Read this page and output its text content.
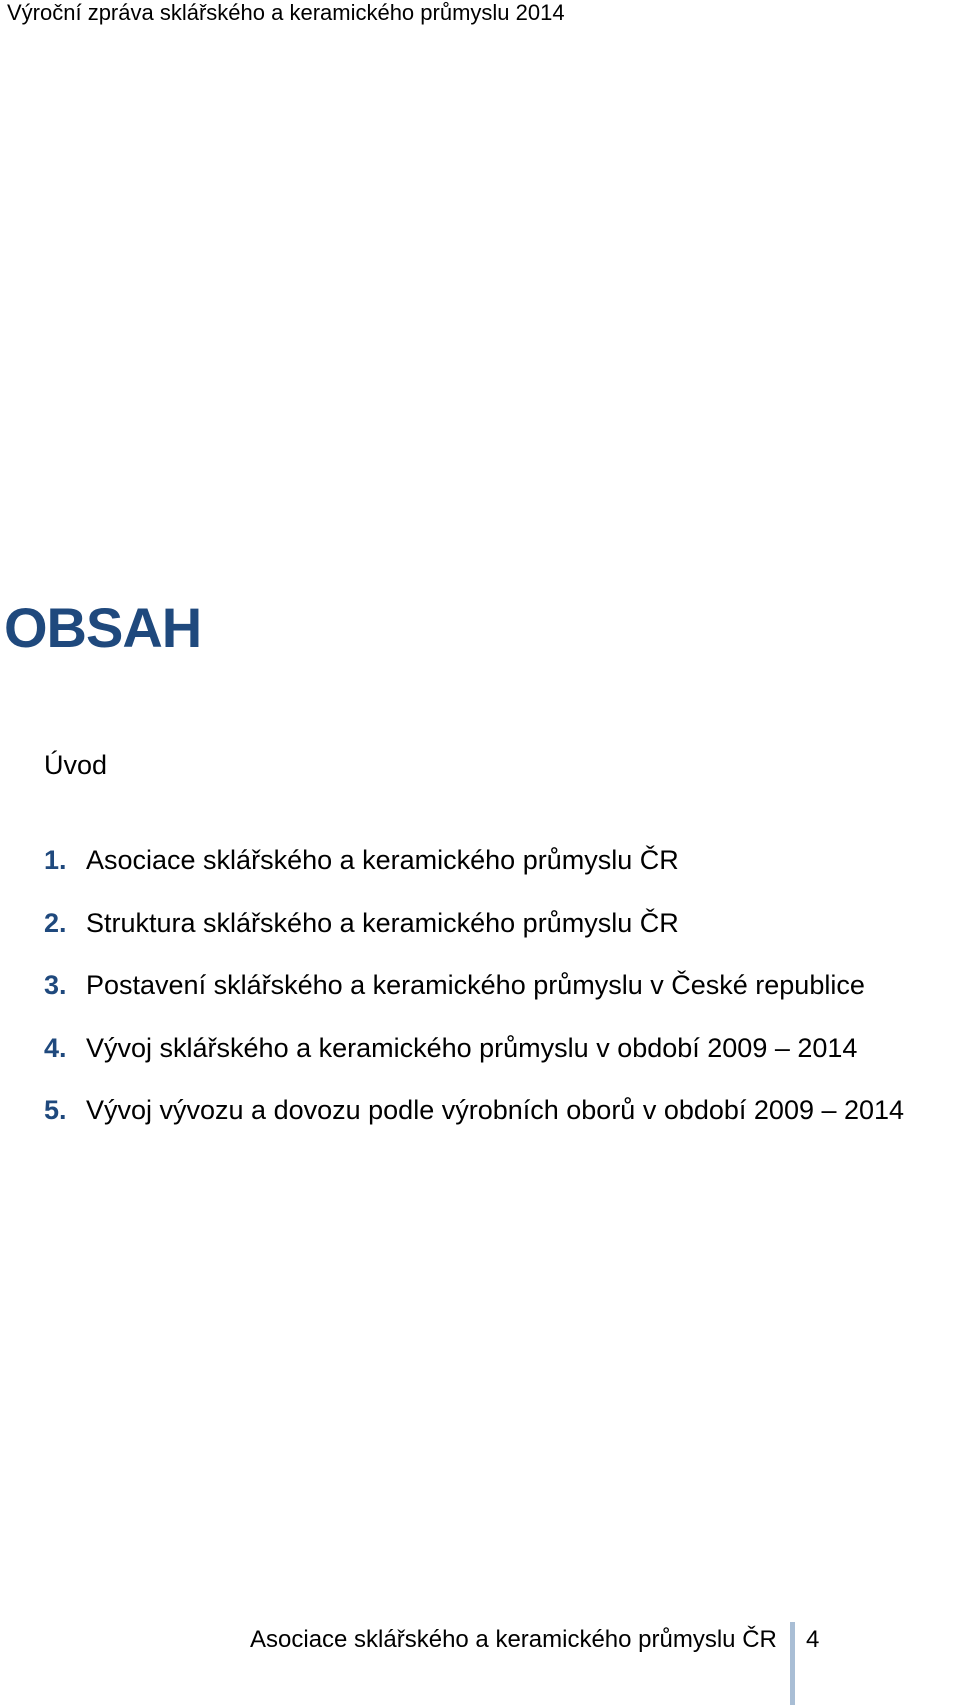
Výroční zpráva sklářského a keramického průmyslu 2014
OBSAH
Úvod
1. Asociace sklářského a keramického průmyslu ČR
2. Struktura sklářského a keramického průmyslu ČR
3. Postavení sklářského a keramického průmyslu v České republice
4. Vývoj sklářského a keramického průmyslu v období 2009 – 2014
5. Vývoj vývozu a dovozu podle výrobních oborů v období 2009 – 2014
Asociace sklářského a keramického průmyslu ČR 4
